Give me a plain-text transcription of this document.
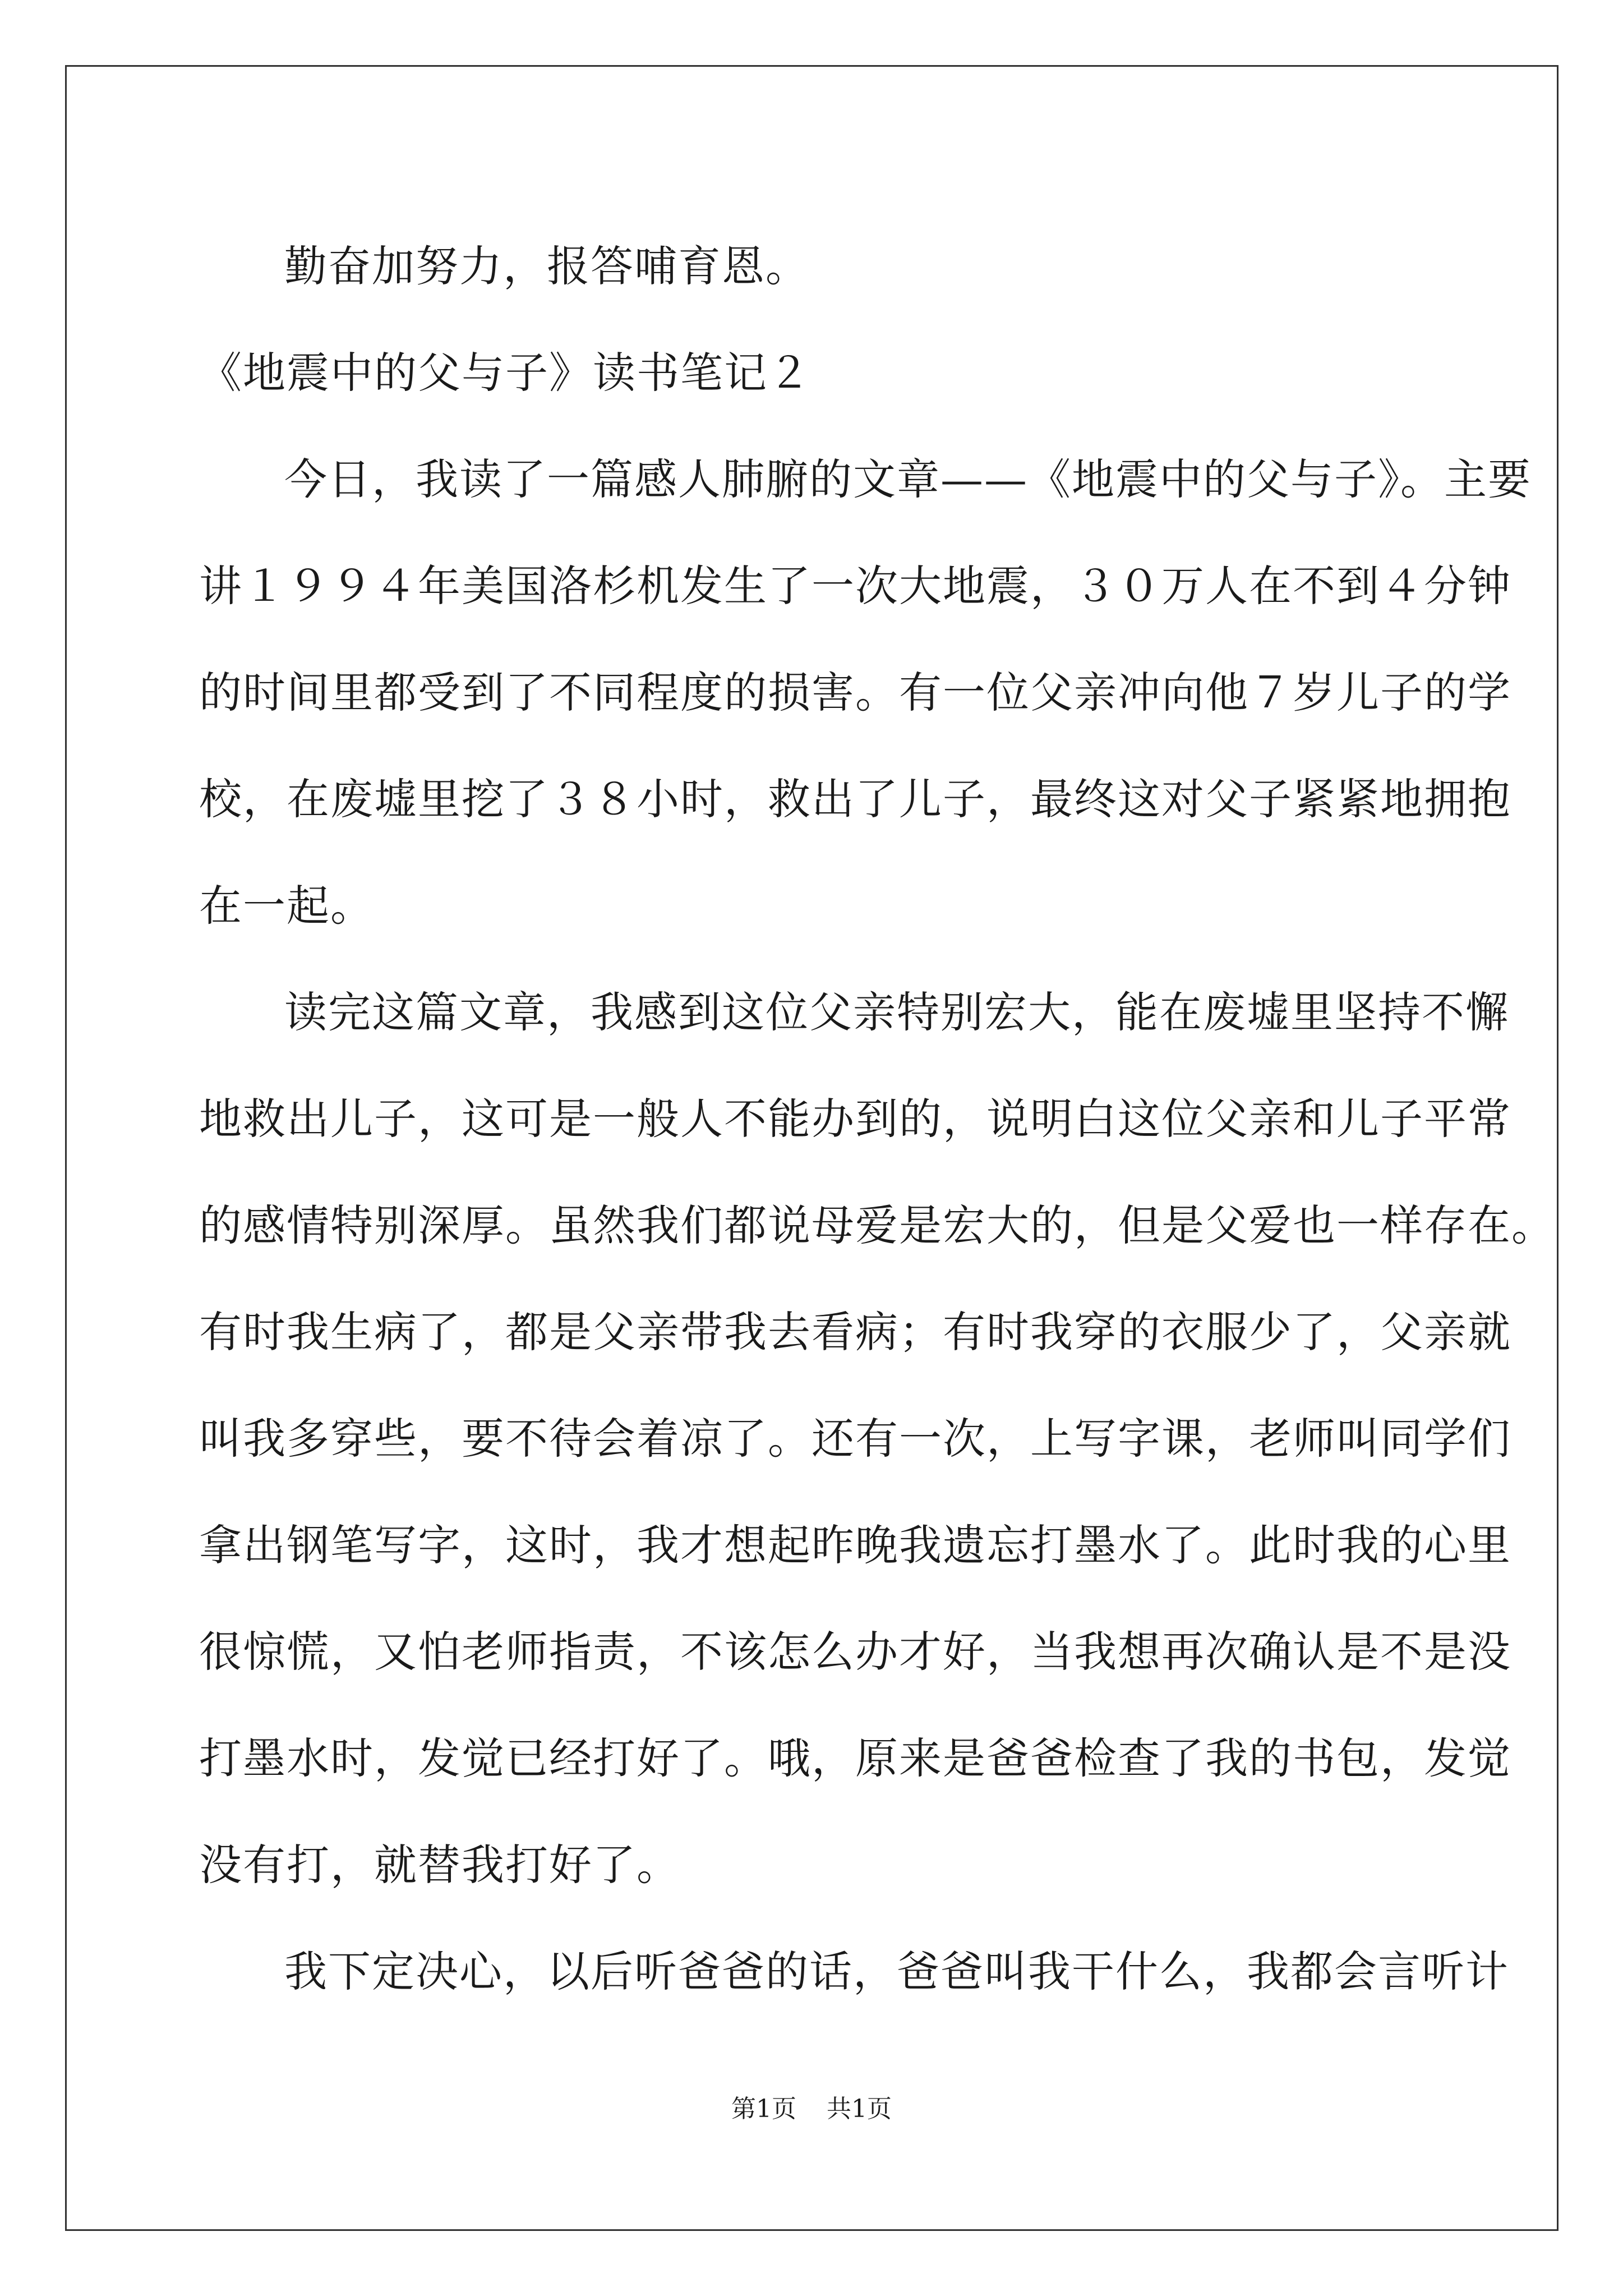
勤奋加努力，报答哺育恩。

《地震中的父与子》读书笔记２

今日，我读了一篇感人肺腑的文章——《地震中的父与子》。主要

讲１９９４年美国洛杉机发生了一次大地震，３０万人在不到４分钟

的时间里都受到了不同程度的损害。有一位父亲冲向他７岁儿子的学

校，在废墟里挖了３８小时，救出了儿子，最终这对父子紧紧地拥抱

在一起。

读完这篇文章，我感到这位父亲特别宏大，能在废墟里坚持不懈

地救出儿子，这可是一般人不能办到的，说明白这位父亲和儿子平常

的感情特别深厚。虽然我们都说母爱是宏大的，但是父爱也一样存在。

有时我生病了，都是父亲带我去看病；有时我穿的衣服少了，父亲就

叫我多穿些，要不待会着凉了。还有一次，上写字课，老师叫同学们

拿出钢笔写字，这时，我才想起昨晚我遗忘打墨水了。此时我的心里

很惊慌，又怕老师指责，不该怎么办才好，当我想再次确认是不是没

打墨水时，发觉已经打好了。哦，原来是爸爸检查了我的书包，发觉

没有打，就替我打好了。

我下定决心，以后听爸爸的话，爸爸叫我干什么，我都会言听计

第1页 共1页
